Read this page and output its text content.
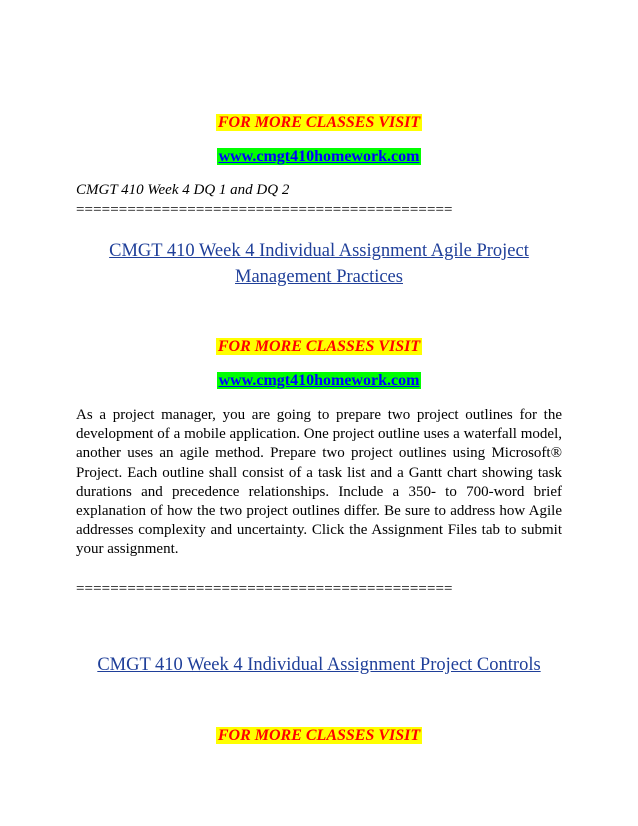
FOR MORE CLASSES VISIT
www.cmgt410homework.com
CMGT 410 Week 4 DQ 1 and DQ 2
============================================
CMGT 410 Week 4 Individual Assignment Agile Project
Management Practices
FOR MORE CLASSES VISIT
www.cmgt410homework.com
As a project manager, you are going to prepare two project outlines for the development of a mobile application. One project outline uses a waterfall model, another uses an agile method. Prepare two project outlines using Microsoft® Project. Each outline shall consist of a task list and a Gantt chart showing task durations and precedence relationships. Include a 350- to 700-word brief explanation of how the two project outlines differ. Be sure to address how Agile addresses complexity and uncertainty. Click the Assignment Files tab to submit your assignment.
============================================
CMGT 410 Week 4 Individual Assignment Project Controls
FOR MORE CLASSES VISIT
